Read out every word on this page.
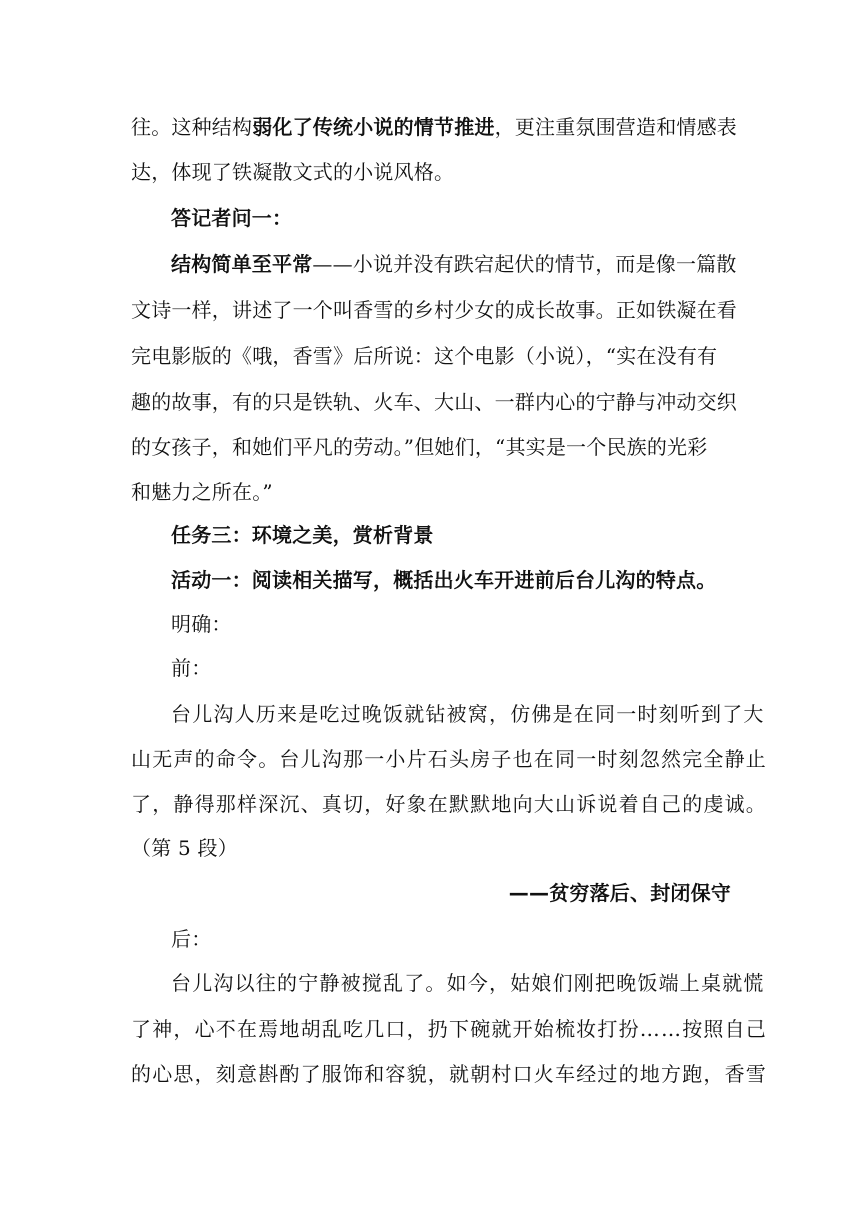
往。这种结构弱化了传统小说的情节推进，更注重氛围营造和情感表
达，体现了铁凝散文式的小说风格。
答记者问一：
结构简单至平常——小说并没有跌宕起伏的情节，而是像一篇散
文诗一样，讲述了一个叫香雪的乡村少女的成长故事。正如铁凝在看
完电影版的《哦，香雪》后所说：这个电影（小说），“实在没有有
趣的故事，有的只是铁轨、火车、大山、一群内心的宁静与冲动交织
的女孩子，和她们平凡的劳动。”但她们，“其实是一个民族的光彩
和魅力之所在。”
任务三：环境之美，赏析背景
活动一：阅读相关描写，概括出火车开进前后台儿沟的特点。
明确：
前：
台儿沟人历来是吃过晚饭就钻被窝，仿佛是在同一时刻听到了大
山无声的命令。台儿沟那一小片石头房子也在同一时刻忽然完全静止
了，静得那样深沉、真切，好象在默默地向大山诉说着自己的虔诚。
（第 5 段）
——贫穷落后、封闭保守
后：
台儿沟以往的宁静被搅乱了。如今，姑娘们刚把晚饭端上桌就慌
了神，心不在焉地胡乱吃几口，扔下碗就开始梳妆打扮……按照自己
的心思，刻意斟酌了服饰和容貌，就朝村口火车经过的地方跑，香雪
